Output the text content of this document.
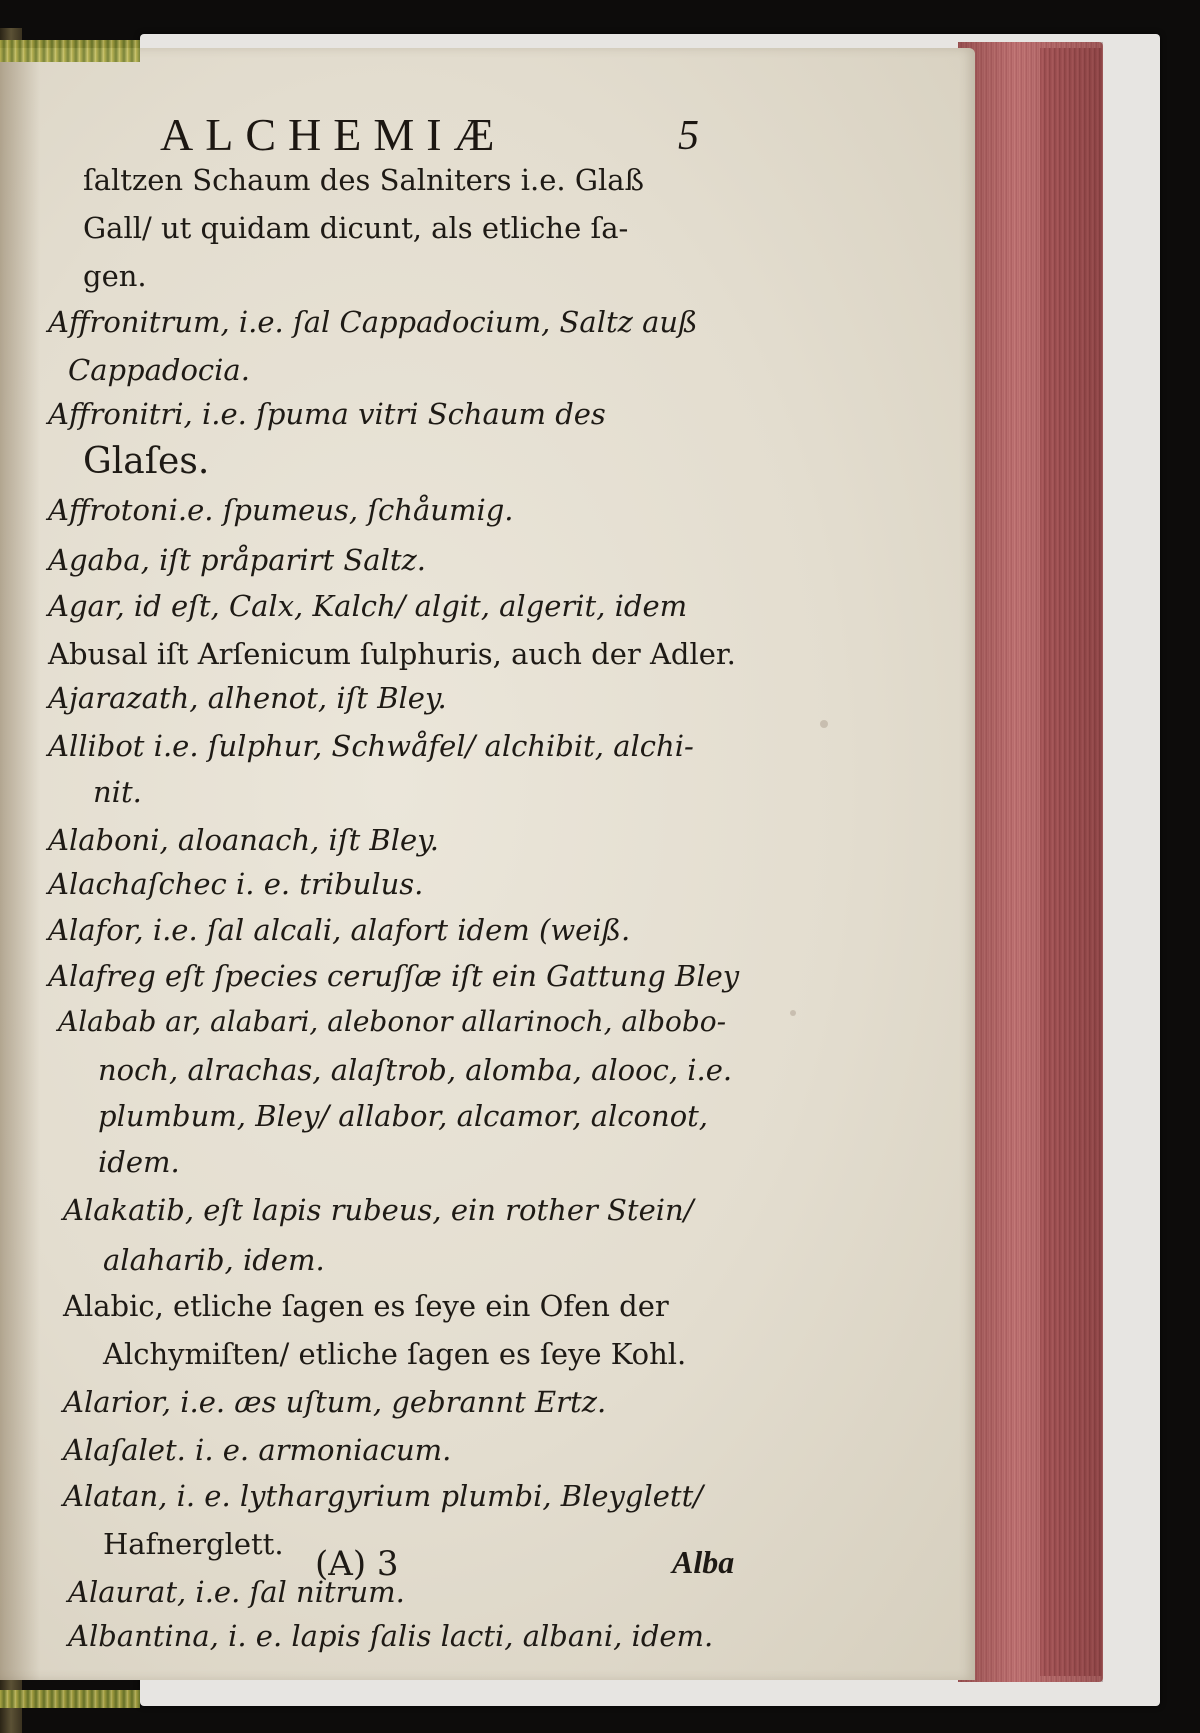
ALCHEMIÆ	5
ſaltzen Schaum des Salniters i.e. Glaß
Gall/ ut quidam dicunt, als etliche ſa-
gen.
Affronitrum, i.e. ſal Cappadocium, Saltz auß
Cappadocia.
Affronitri, i.e. ſpuma vitri Schaum des
Glaſes.
Affrotoni.e. ſpumeus, ſchåumig.
Agaba, iſt pråparirt Saltz.
Agar, id eſt, Calx, Kalch/ algit, algerit, idem
Abusal iſt Arſenicum ſulphuris, auch der Adler.
Ajarazath, alhenot, iſt Bley.
Allibot i.e. ſulphur, Schwåfel/ alchibit, alchi-
nit.
Alaboni, aloanach, iſt Bley.
Alachaſchec i. e. tribulus.
Alafor, i.e. ſal alcali, alafort idem (weiß.
Alafreg eſt ſpecies ceruſſæ iſt ein Gattung Bley
Alabab ar, alabari, alebonor allarinoch, albobo-
noch, alrachas, alaſtrob, alomba, alooc, i.e.
plumbum, Bley/ allabor, alcamor, alconot,
idem.
Alakatib, eſt lapis rubeus, ein rother Stein/
alaharib, idem.
Alabic, etliche ſagen es ſeye ein Ofen der
Alchymiſten/ etliche ſagen es ſeye Kohl.
Alarior, i.e. æs uſtum, gebrannt Ertz.
Alaſalet. i. e. armoniacum.
Alatan, i. e. lythargyrium plumbi, Bleyglett/
Hafnerglett.
Alaurat, i.e. ſal nitrum.
Albantina, i. e. lapis ſalis lacti, albani, idem.
(A) 3	Alba
